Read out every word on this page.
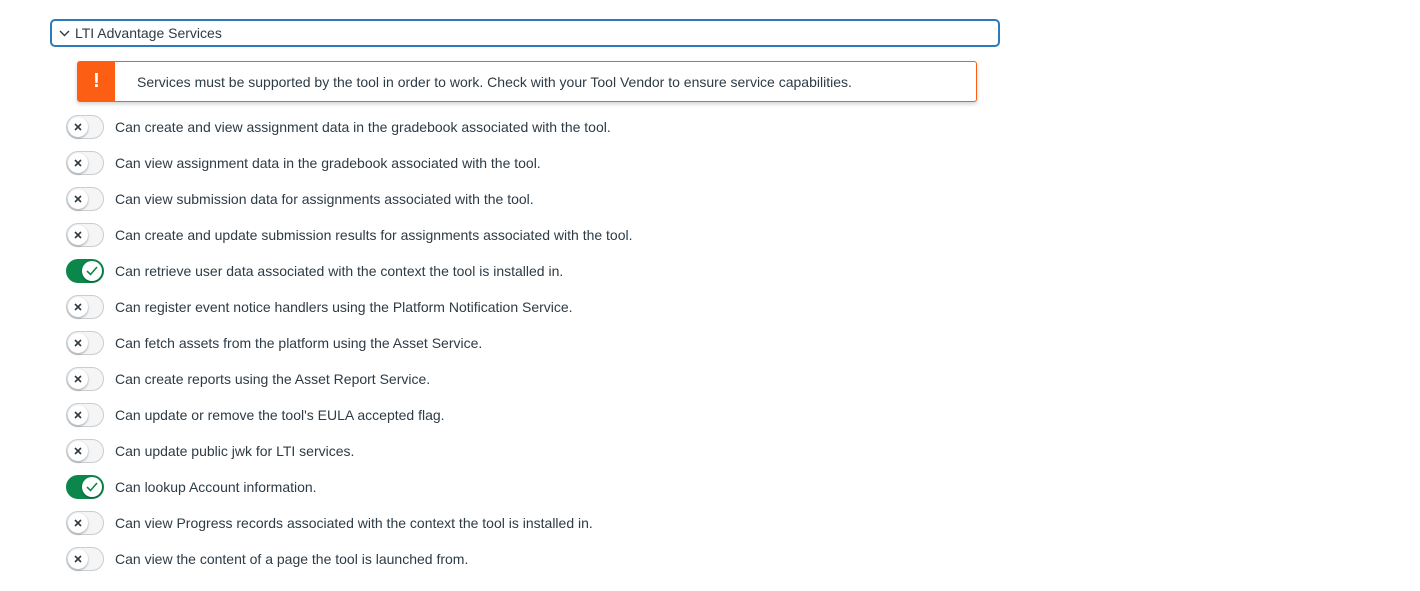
LTI Advantage Services
!	Services must be supported by the tool in order to work. Check with your Tool Vendor to ensure service capabilities.
Can create and view assignment data in the gradebook associated with the tool.
Can view assignment data in the gradebook associated with the tool.
Can view submission data for assignments associated with the tool.
Can create and update submission results for assignments associated with the tool.
Can retrieve user data associated with the context the tool is installed in.
Can register event notice handlers using the Platform Notification Service.
Can fetch assets from the platform using the Asset Service.
Can create reports using the Asset Report Service.
Can update or remove the tool's EULA accepted flag.
Can update public jwk for LTI services.
Can lookup Account information.
Can view Progress records associated with the context the tool is installed in.
Can view the content of a page the tool is launched from.
